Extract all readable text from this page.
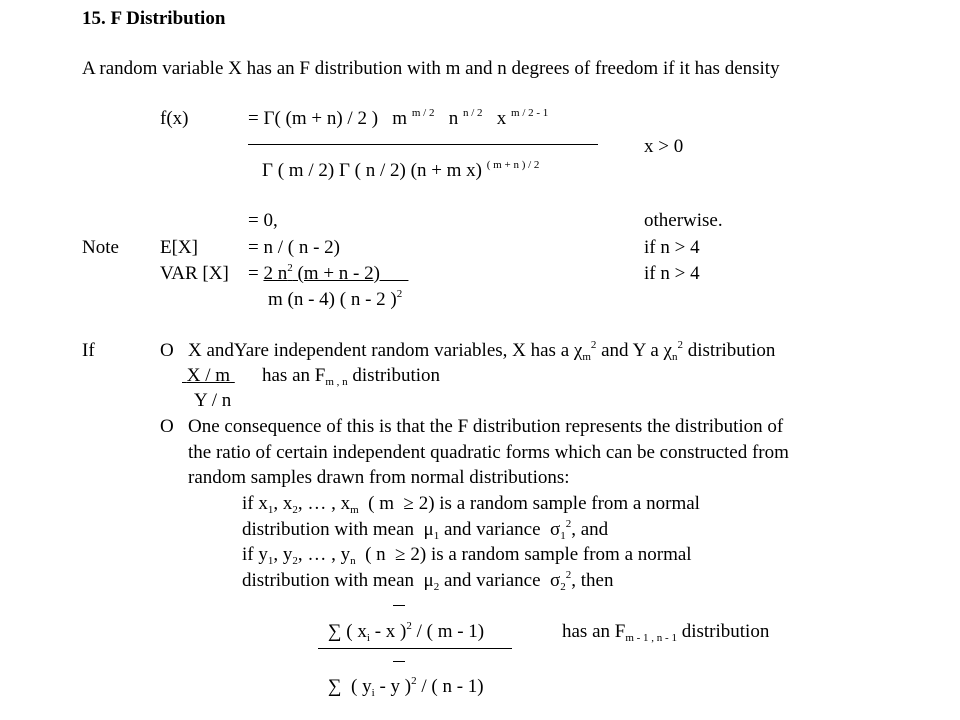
15. F Distribution
A random variable X has an F distribution with m and n degrees of freedom if it has density
f(x)	= Γ( (m + n) / 2 ) m $^{m / 2}$ n $^{n / 2}$ x $^{m / 2 - 1}$
x > 0
Γ ( m / 2) Γ ( n / 2) (n + m x) $^{( m + n ) / 2}$
= 0,	otherwise.
Note E[X]	= n / ( n - 2)	if n > 4
VAR [X] = 2 $n^2$ (m + n - 2)	if n > 4
m (n - 4) ( n - 2 )$^2$
If	O X andYare independent random variables, X has a $\chi_m^2$ and Y a $\chi_n^2$ distribution
X / m has an $F_{m , n}$ distribution
Y / n
O One consequence of this is that the F distribution represents the distribution of
the ratio of certain independent quadratic forms which can be constructed from
random samples drawn from normal distributions:
if $x_1$, $x_2$, … , $x_m$  ( m  ≥ 2) is a random sample from a normal
distribution with mean  $\mu_1$ and variance  $\sigma_1^2$, and
if $y_1$, $y_2$, … , $y_n$  ( n  ≥ 2) is a random sample from a normal
distribution with mean  $\mu_2$ and variance  $\sigma_2^2$, then
∑ ( $x_i$ - x )$^2$ / ( m - 1)	has an $F_{m - 1 , n - 1}$ distribution
∑  ( $y_i$ - y )$^2$ / ( n - 1)
